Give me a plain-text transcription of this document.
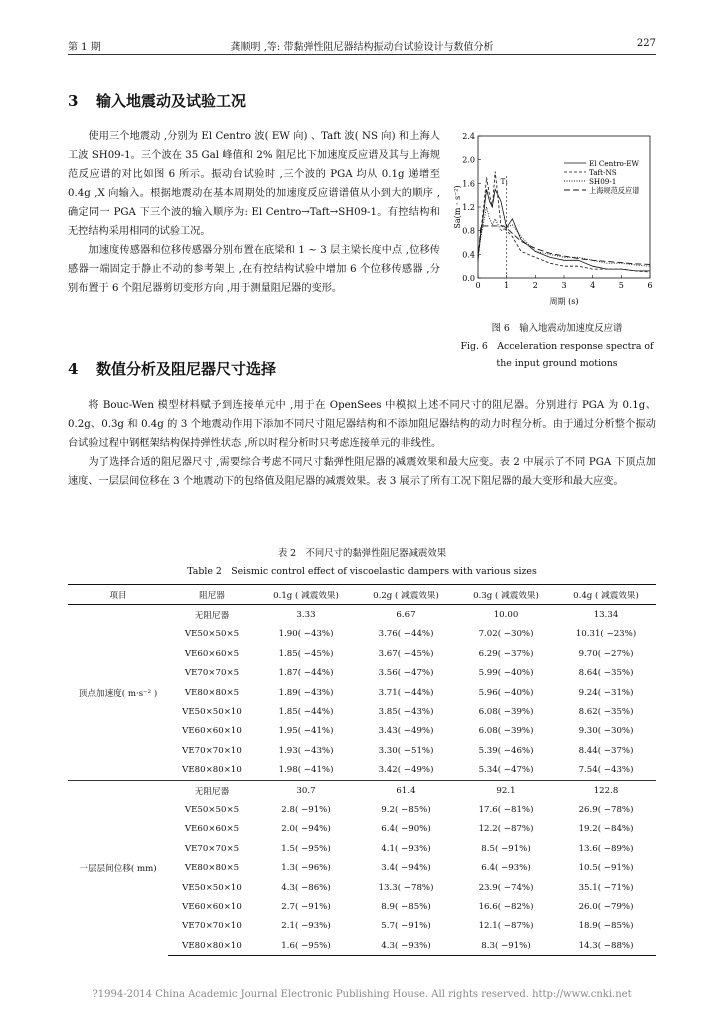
第 1 期	龚顺明 ,等: 带黏弹性阻尼器结构振动台试验设计与数值分析	227
3 输入地震动及试验工况

使用三个地震动 ,分别为 El Centro 波( EW 向) 、Taft 波( NS 向) 和上海人工波 SH09-1。三个波在 35 Gal 峰值和 2% 阻尼比下加速度反应谱及其与上海规范反应谱的对比如图 6 所示。振动台试验时 ,三个波的 PGA 均从 0.1g 递增至 0.4g ,X 向输入。根据地震动在基本周期处的加速度反应谱谱值从小到大的顺序 ,确定同一 PGA 下三个波的输入顺序为: El Centro→Taft→SH09-1。有控结构和无控结构采用相同的试验工况。

加速度传感器和位移传感器分别布置在底梁和 1 ~ 3 层主梁长度中点 ,位移传感器一端固定于静止不动的参考架上 ,在有控结构试验中增加 6 个位移传感器 ,分别布置于 6 个阻尼器剪切变形方向 ,用于测量阻尼器的变形。	0	1	2	3	4	5	6
0.0
0.4
0.8
1.2
1.6
2.0
2.4
周期 (s)
Sa(m · s⁻²)
T₁
El Centro-EW
Taft-NS
SH09-1
上海规范反应谱
图 6　输入地震动加速度反应谱
Fig. 6　Acceleration response spectra of the input ground motions
4 数值分析及阻尼器尺寸选择

将 Bouc-Wen 模型材料赋予到连接单元中 ,用于在 OpenSees 中模拟上述不同尺寸的阻尼器。分别进行 PGA 为 0.1g、0.2g、0.3g 和 0.4g 的 3 个地震动作用下添加不同尺寸阻尼器结构和不添加阻尼器结构的动力时程分析。由于通过分析整个振动台试验过程中钢框架结构保持弹性状态 ,所以时程分析时只考虑连接单元的非线性。

为了选择合适的阻尼器尺寸 ,需要综合考虑不同尺寸黏弹性阻尼器的减震效果和最大应变。表 2 中展示了不同 PGA 下顶点加速度、一层层间位移在 3 个地震动下的包络值及阻尼器的减震效果。表 3 展示了所有工况下阻尼器的最大变形和最大应变。

表 2　不同尺寸的黏弹性阻尼器减震效果
Table 2　Seismic control effect of viscoelastic dampers with various sizes
项目	阻尼器	0.1g ( 减震效果)	0.2g ( 减震效果)	0.3g ( 减震效果)	0.4g ( 减震效果)
顶点加速度( m·s⁻² )	无阻尼器	3.33	6.67	10.00	13.34
	VE50×50×5	1.90( −43%)	3.76( −44%)	7.02( −30%)	10.31( −23%)
	VE60×60×5	1.85( −45%)	3.67( −45%)	6.29( −37%)	9.70( −27%)
	VE70×70×5	1.87( −44%)	3.56( −47%)	5.99( −40%)	8.64( −35%)
	VE80×80×5	1.89( −43%)	3.71( −44%)	5.96( −40%)	9.24( −31%)
	VE50×50×10	1.85( −44%)	3.85( −43%)	6.08( −39%)	8.62( −35%)
	VE60×60×10	1.95( −41%)	3.43( −49%)	6.08( −39%)	9.30( −30%)
	VE70×70×10	1.93( −43%)	3.30( −51%)	5.39( −46%)	8.44( −37%)
	VE80×80×10	1.98( −41%)	3.42( −49%)	5.34( −47%)	7.54( −43%)
一层层间位移( mm)	无阻尼器	30.7	61.4	92.1	122.8
	VE50×50×5	2.8( −91%)	9.2( −85%)	17.6( −81%)	26.9( −78%)
	VE60×60×5	2.0( −94%)	6.4( −90%)	12.2( −87%)	19.2( −84%)
	VE70×70×5	1.5( −95%)	4.1( −93%)	8.5( −91%)	13.6( −89%)
	VE80×80×5	1.3( −96%)	3.4( −94%)	6.4( −93%)	10.5( −91%)
	VE50×50×10	4.3( −86%)	13.3( −78%)	23.9( −74%)	35.1( −71%)
	VE60×60×10	2.7( −91%)	8.9( −85%)	16.6( −82%)	26.0( −79%)
	VE70×70×10	2.1( −93%)	5.7( −91%)	12.1( −87%)	18.9( −85%)
	VE80×80×10	1.6( −95%)	4.3( −93%)	8.3( −91%)	14.3( −88%)
?1994-2014 China Academic Journal Electronic Publishing House. All rights reserved. http://www.cnki.net
